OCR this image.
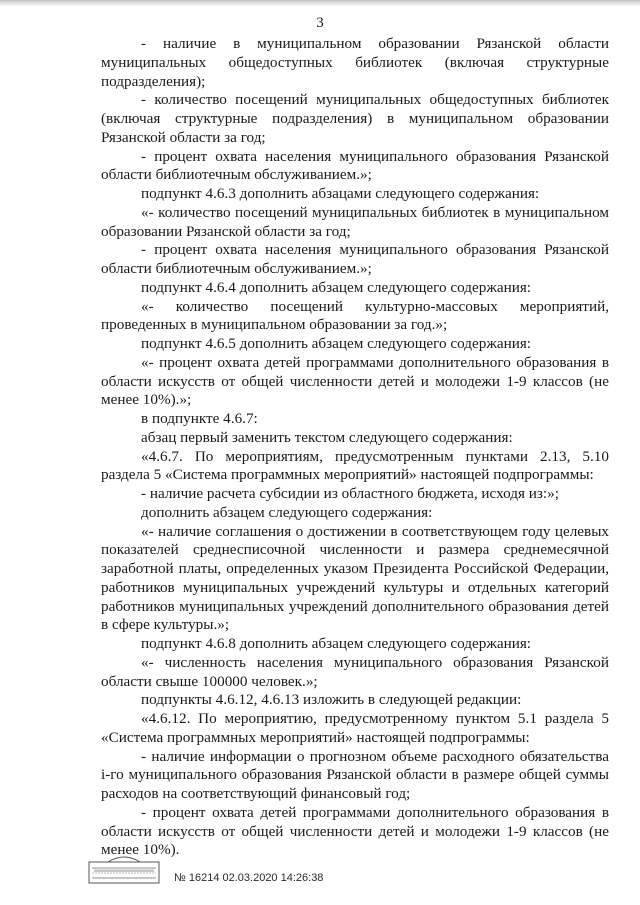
3

- наличие в муниципальном образовании Рязанской области муниципальных общедоступных библиотек (включая структурные подразделения);

- количество посещений муниципальных общедоступных библиотек (включая структурные подразделения) в муниципальном образовании Рязанской области за год;

- процент охвата населения муниципального образования Рязанской области библиотечным обслуживанием.»;

подпункт 4.6.3 дополнить абзацами следующего содержания:

«- количество посещений муниципальных библиотек в муниципальном образовании Рязанской области за год;

- процент охвата населения муниципального образования Рязанской области библиотечным обслуживанием.»;

подпункт 4.6.4 дополнить абзацем следующего содержания:

«- количество посещений культурно-массовых мероприятий, проведенных в муниципальном образовании за год.»;

подпункт 4.6.5 дополнить абзацем следующего содержания:

«- процент охвата детей программами дополнительного образования в области искусств от общей численности детей и молодежи 1-9 классов (не менее 10%).»;

в подпункте 4.6.7:

абзац первый заменить текстом следующего содержания:

«4.6.7. По мероприятиям, предусмотренным пунктами 2.13, 5.10 раздела 5 «Система программных мероприятий» настоящей подпрограммы:

- наличие расчета субсидии из областного бюджета, исходя из:»;

дополнить абзацем следующего содержания:

«- наличие соглашения о достижении в соответствующем году целевых показателей среднесписочной численности и размера среднемесячной заработной платы, определенных указом Президента Российской Федерации, работников муниципальных учреждений культуры и отдельных категорий работников муниципальных учреждений дополнительного образования детей в сфере культуры.»;

подпункт 4.6.8 дополнить абзацем следующего содержания:

«- численность населения муниципального образования Рязанской области свыше 100000 человек.»;

подпункты 4.6.12, 4.6.13 изложить в следующей редакции:

«4.6.12. По мероприятию, предусмотренному пунктом 5.1 раздела 5 «Система программных мероприятий» настоящей подпрограммы:

- наличие информации о прогнозном объеме расходного обязательства i-го муниципального образования Рязанской области в размере общей суммы расходов на соответствующий финансовый год;

- процент охвата детей программами дополнительного образования в области искусств от общей численности детей и молодежи 1-9 классов (не менее 10%).

№ 16214 02.03.2020 14:26:38
